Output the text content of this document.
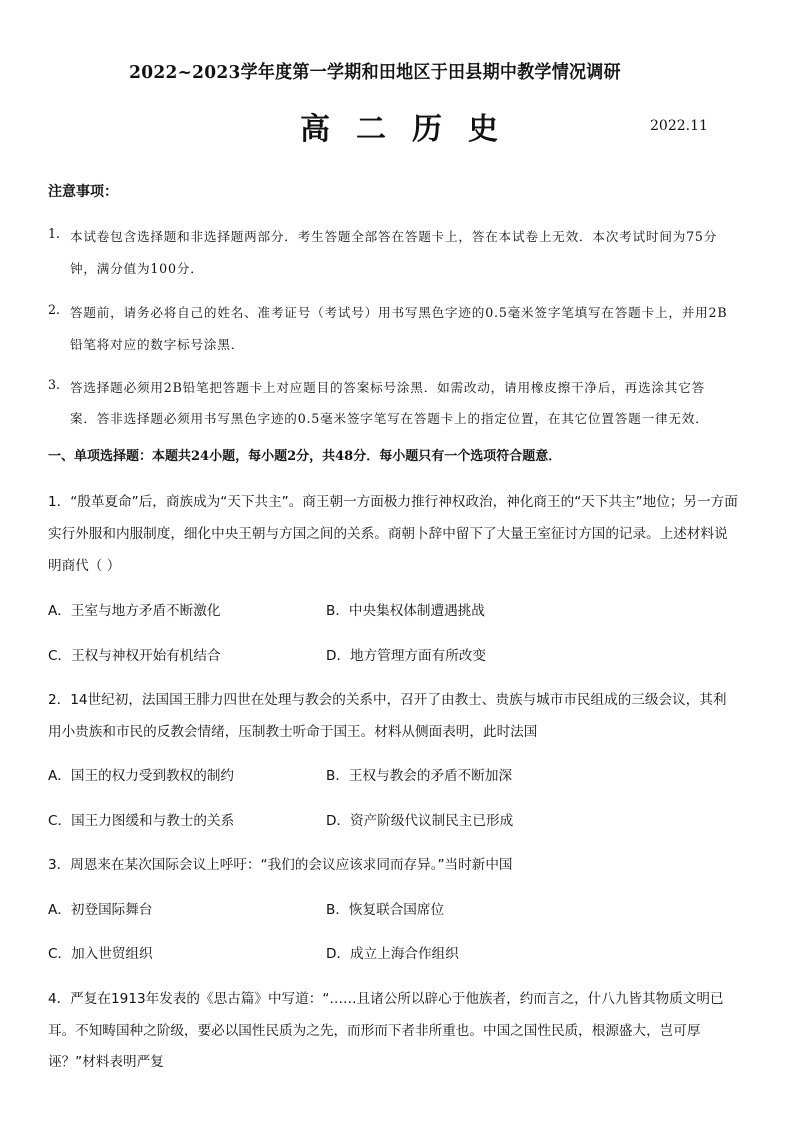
2022~2023学年度第一学期和田地区于田县期中教学情况调研
高二历史	2022.11
注意事项：
1. 本试卷包含选择题和非选择题两部分．考生答题全部答在答题卡上，答在本试卷上无效．本次考试时间为75分
钟，满分值为100分．
2. 答题前，请务必将自己的姓名、准考证号（考试号）用书写黑色字迹的0.5毫米签字笔填写在答题卡上，并用2B
铅笔将对应的数字标号涂黑．
3. 答选择题必须用2B铅笔把答题卡上对应题目的答案标号涂黑．如需改动，请用橡皮擦干净后，再选涂其它答
案．答非选择题必须用书写黑色字迹的0.5毫米签字笔写在答题卡上的指定位置，在其它位置答题一律无效．
一、单项选择题：本题共24小题，每小题2分，共48分．每小题只有一个选项符合题意．
1．“殷革夏命”后，商族成为“天下共主”。商王朝一方面极力推行神权政治，神化商王的“天下共主”地位；另一方面
实行外服和内服制度，细化中央王朝与方国之间的关系。商朝卜辞中留下了大量王室征讨方国的记录。上述材料说
明商代（ ）
A．王室与地方矛盾不断激化	B．中央集权体制遭遇挑战
C．王权与神权开始有机结合	D．地方管理方面有所改变
2．14世纪初，法国国王腓力四世在处理与教会的关系中，召开了由教士、贵族与城市市民组成的三级会议，其利
用小贵族和市民的反教会情绪，压制教士听命于国王。材料从侧面表明，此时法国
A．国王的权力受到教权的制约	B．王权与教会的矛盾不断加深
C．国王力图缓和与教士的关系	D．资产阶级代议制民主已形成
3．周恩来在某次国际会议上呼吁：“我们的会议应该求同而存异。”当时新中国
A．初登国际舞台	B．恢复联合国席位
C．加入世贸组织	D．成立上海合作组织
4．严复在1913年发表的《思古篇》中写道：“……且诸公所以辟心于他族者，约而言之，什八九皆其物质文明已
耳。不知畴国种之阶级，要必以国性民质为之先，而形而下者非所重也。中国之国性民质，根源盛大，岂可厚
诬？”材料表明严复
